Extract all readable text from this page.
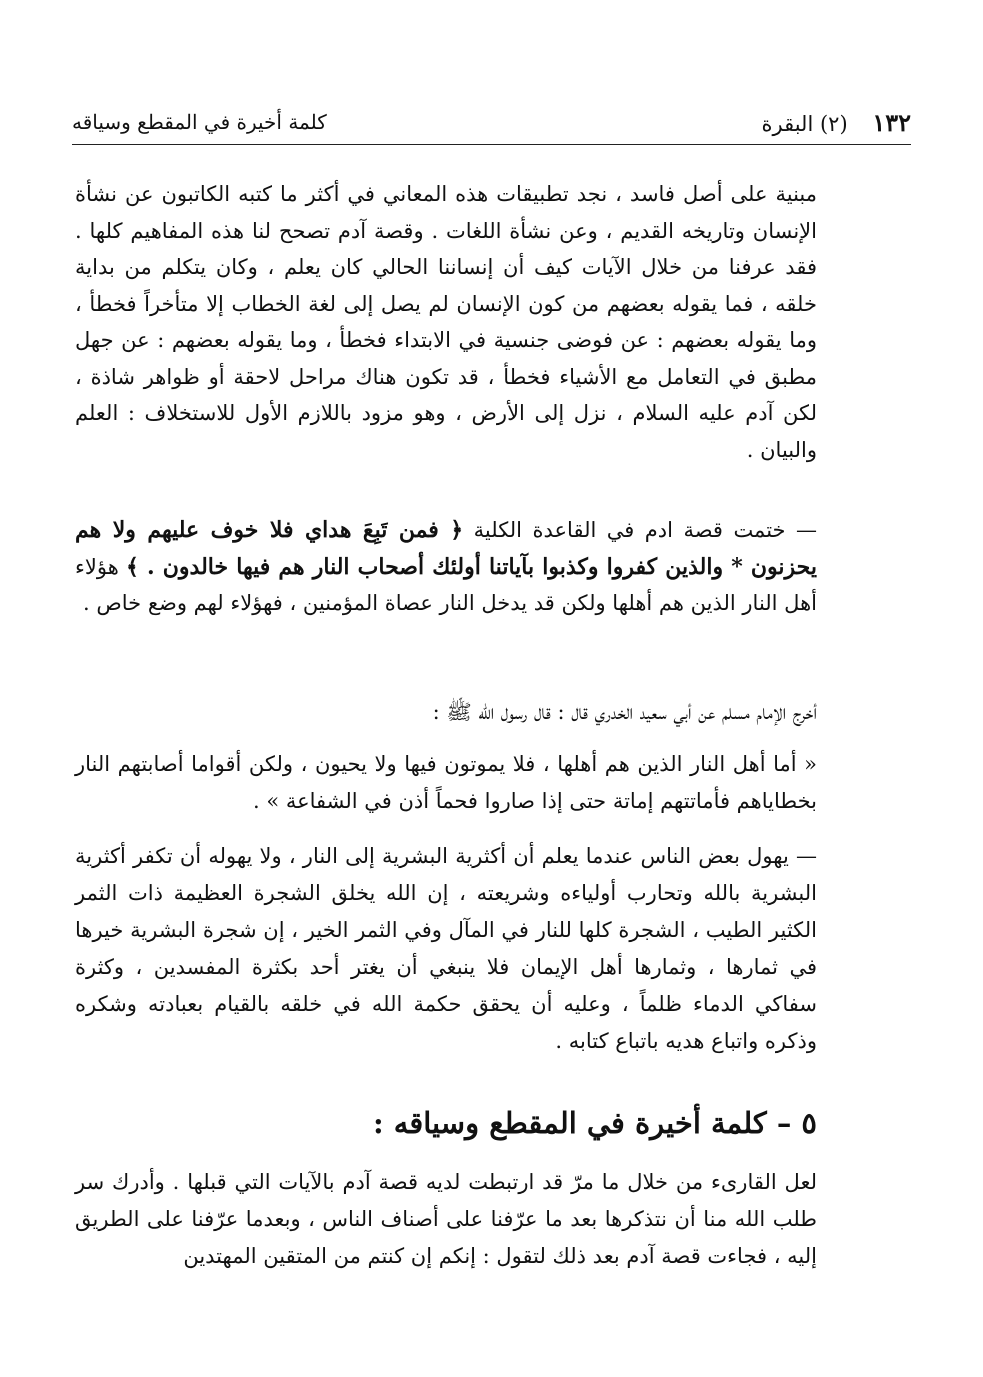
١٣٢ (٢) البقرة
كلمة أخيرة في المقطع وسياقه
مبنية على أصل فاسد ، نجد تطبيقات هذه المعاني في أكثر ما كتبه الكاتبون عن نشأة الإنسان وتاريخه القديم ، وعن نشأة اللغات . وقصة آدم تصحح لنا هذه المفاهيم كلها . فقد عرفنا من خلال الآيات كيف أن إنساننا الحالي كان يعلم ، وكان يتكلم من بداية خلقه ، فما يقوله بعضهم من كون الإنسان لم يصل إلى لغة الخطاب إلا متأخراً فخطأ ، وما يقوله بعضهم : عن فوضى جنسية في الابتداء فخطأ ، وما يقوله بعضهم : عن جهل مطبق في التعامل مع الأشياء فخطأ ، قد تكون هناك مراحل لاحقة أو ظواهر شاذة ، لكن آدم عليه السلام ، نزل إلى الأرض ، وهو مزود باللازم الأول للاستخلاف : العلم والبيان .
— ختمت قصة ادم في القاعدة الكلية ﴿ فمن تَبِعَ هداي فلا خوف عليهم ولا هم يحزنون * والذين كفروا وكذبوا بآياتنا أولئك أصحاب النار هم فيها خالدون . ﴾ هؤلاء أهل النار الذين هم أهلها ولكن قد يدخل النار عصاة المؤمنين ، فهؤلاء لهم وضع خاص .
أخرج الإمام مسلم عن أبي سعيد الخدري قال : قال رسول الله ﷺ :
« أما أهل النار الذين هم أهلها ، فلا يموتون فيها ولا يحيون ، ولكن أقواما أصابتهم النار بخطاياهم فأماتتهم إماتة حتى إذا صاروا فحماً أذن في الشفاعة » .
— يهول بعض الناس عندما يعلم أن أكثرية البشرية إلى النار ، ولا يهوله أن تكفر أكثرية البشرية بالله وتحارب أولياءه وشريعته ، إن الله يخلق الشجرة العظيمة ذات الثمر الكثير الطيب ، الشجرة كلها للنار في المآل وفي الثمر الخير ، إن شجرة البشرية خيرها في ثمارها ، وثمارها أهل الإيمان فلا ينبغي أن يغتر أحد بكثرة المفسدين ، وكثرة سفاكي الدماء ظلماً ، وعليه أن يحقق حكمة الله في خلقه بالقيام بعبادته وشكره وذكره واتباع هديه باتباع كتابه .
٥ – كلمة أخيرة في المقطع وسياقه :
لعل القارىء من خلال ما مرّ قد ارتبطت لديه قصة آدم بالآيات التي قبلها . وأدرك سر طلب الله منا أن نتذكرها بعد ما عرّفنا على أصناف الناس ، وبعدما عرّفنا على الطريق إليه ، فجاءت قصة آدم بعد ذلك لتقول : إنكم إن كنتم من المتقين المهتدين
